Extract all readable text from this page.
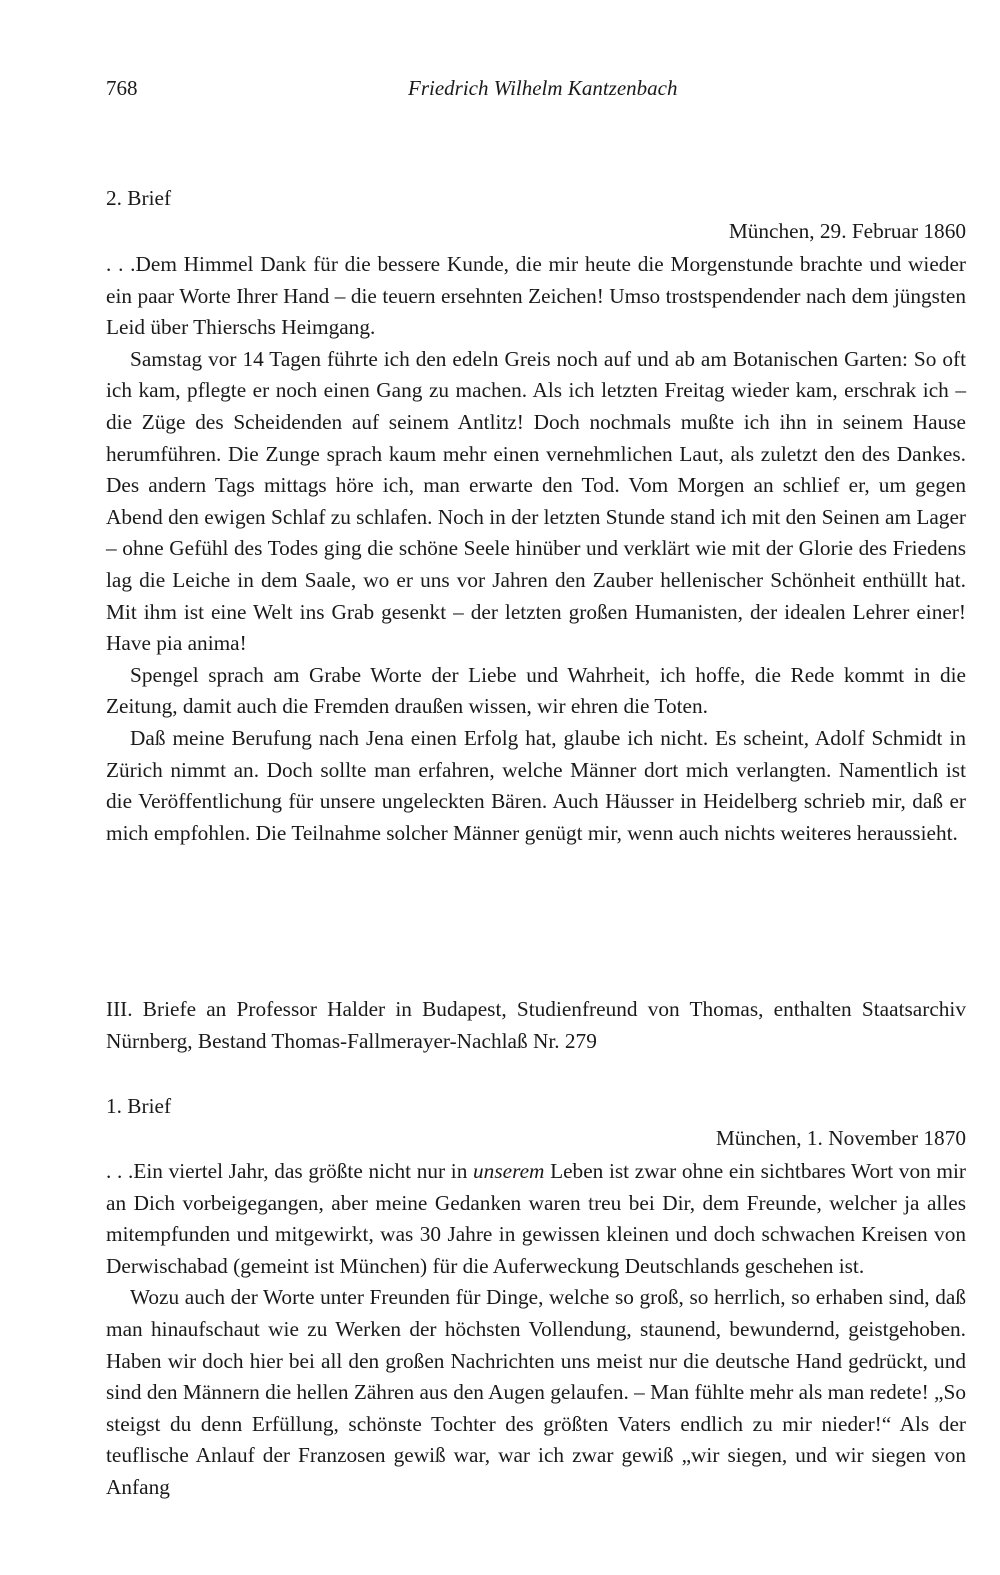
768	Friedrich Wilhelm Kantzenbach
2. Brief
München, 29. Februar 1860

. . .Dem Himmel Dank für die bessere Kunde, die mir heute die Morgenstunde brachte und wieder ein paar Worte Ihrer Hand – die teuern ersehnten Zeichen! Umso trostspendender nach dem jüngsten Leid über Thierschs Heimgang.

Samstag vor 14 Tagen führte ich den edeln Greis noch auf und ab am Botanischen Garten: So oft ich kam, pflegte er noch einen Gang zu machen. Als ich letzten Freitag wieder kam, erschrak ich – die Züge des Scheidenden auf seinem Antlitz! Doch nochmals mußte ich ihn in seinem Hause herumführen. Die Zunge sprach kaum mehr einen vernehmlichen Laut, als zuletzt den des Dankes. Des andern Tags mittags höre ich, man erwarte den Tod. Vom Morgen an schlief er, um gegen Abend den ewigen Schlaf zu schlafen. Noch in der letzten Stunde stand ich mit den Seinen am Lager – ohne Gefühl des Todes ging die schöne Seele hinüber und verklärt wie mit der Glorie des Friedens lag die Leiche in dem Saale, wo er uns vor Jahren den Zauber hellenischer Schönheit enthüllt hat. Mit ihm ist eine Welt ins Grab gesenkt – der letzten großen Humanisten, der idealen Lehrer einer! Have pia anima!

Spengel sprach am Grabe Worte der Liebe und Wahrheit, ich hoffe, die Rede kommt in die Zeitung, damit auch die Fremden draußen wissen, wir ehren die Toten.

Daß meine Berufung nach Jena einen Erfolg hat, glaube ich nicht. Es scheint, Adolf Schmidt in Zürich nimmt an. Doch sollte man erfahren, welche Männer dort mich verlangten. Namentlich ist die Veröffentlichung für unsere ungeleckten Bären. Auch Häusser in Heidelberg schrieb mir, daß er mich empfohlen. Die Teilnahme solcher Männer genügt mir, wenn auch nichts weiteres heraussieht.

III. Briefe an Professor Halder in Budapest, Studienfreund von Thomas, enthalten Staatsarchiv Nürnberg, Bestand Thomas-Fallmerayer-Nachlaß Nr. 279
1. Brief
München, 1. November 1870

. . .Ein viertel Jahr, das größte nicht nur in unserem Leben ist zwar ohne ein sichtbares Wort von mir an Dich vorbeigegangen, aber meine Gedanken waren treu bei Dir, dem Freunde, welcher ja alles mitempfunden und mitgewirkt, was 30 Jahre in gewissen kleinen und doch schwachen Kreisen von Derwischabad (gemeint ist München) für die Auferweckung Deutschlands geschehen ist.

Wozu auch der Worte unter Freunden für Dinge, welche so groß, so herrlich, so erhaben sind, daß man hinaufschaut wie zu Werken der höchsten Vollendung, staunend, bewundernd, geistgehoben. Haben wir doch hier bei all den großen Nachrichten uns meist nur die deutsche Hand gedrückt, und sind den Männern die hellen Zähren aus den Augen gelaufen. – Man fühlte mehr als man redete! „So steigst du denn Erfüllung, schönste Tochter des größten Vaters endlich zu mir nieder!“ Als der teuflische Anlauf der Franzosen gewiß war, war ich zwar gewiß „wir siegen, und wir siegen von Anfang
